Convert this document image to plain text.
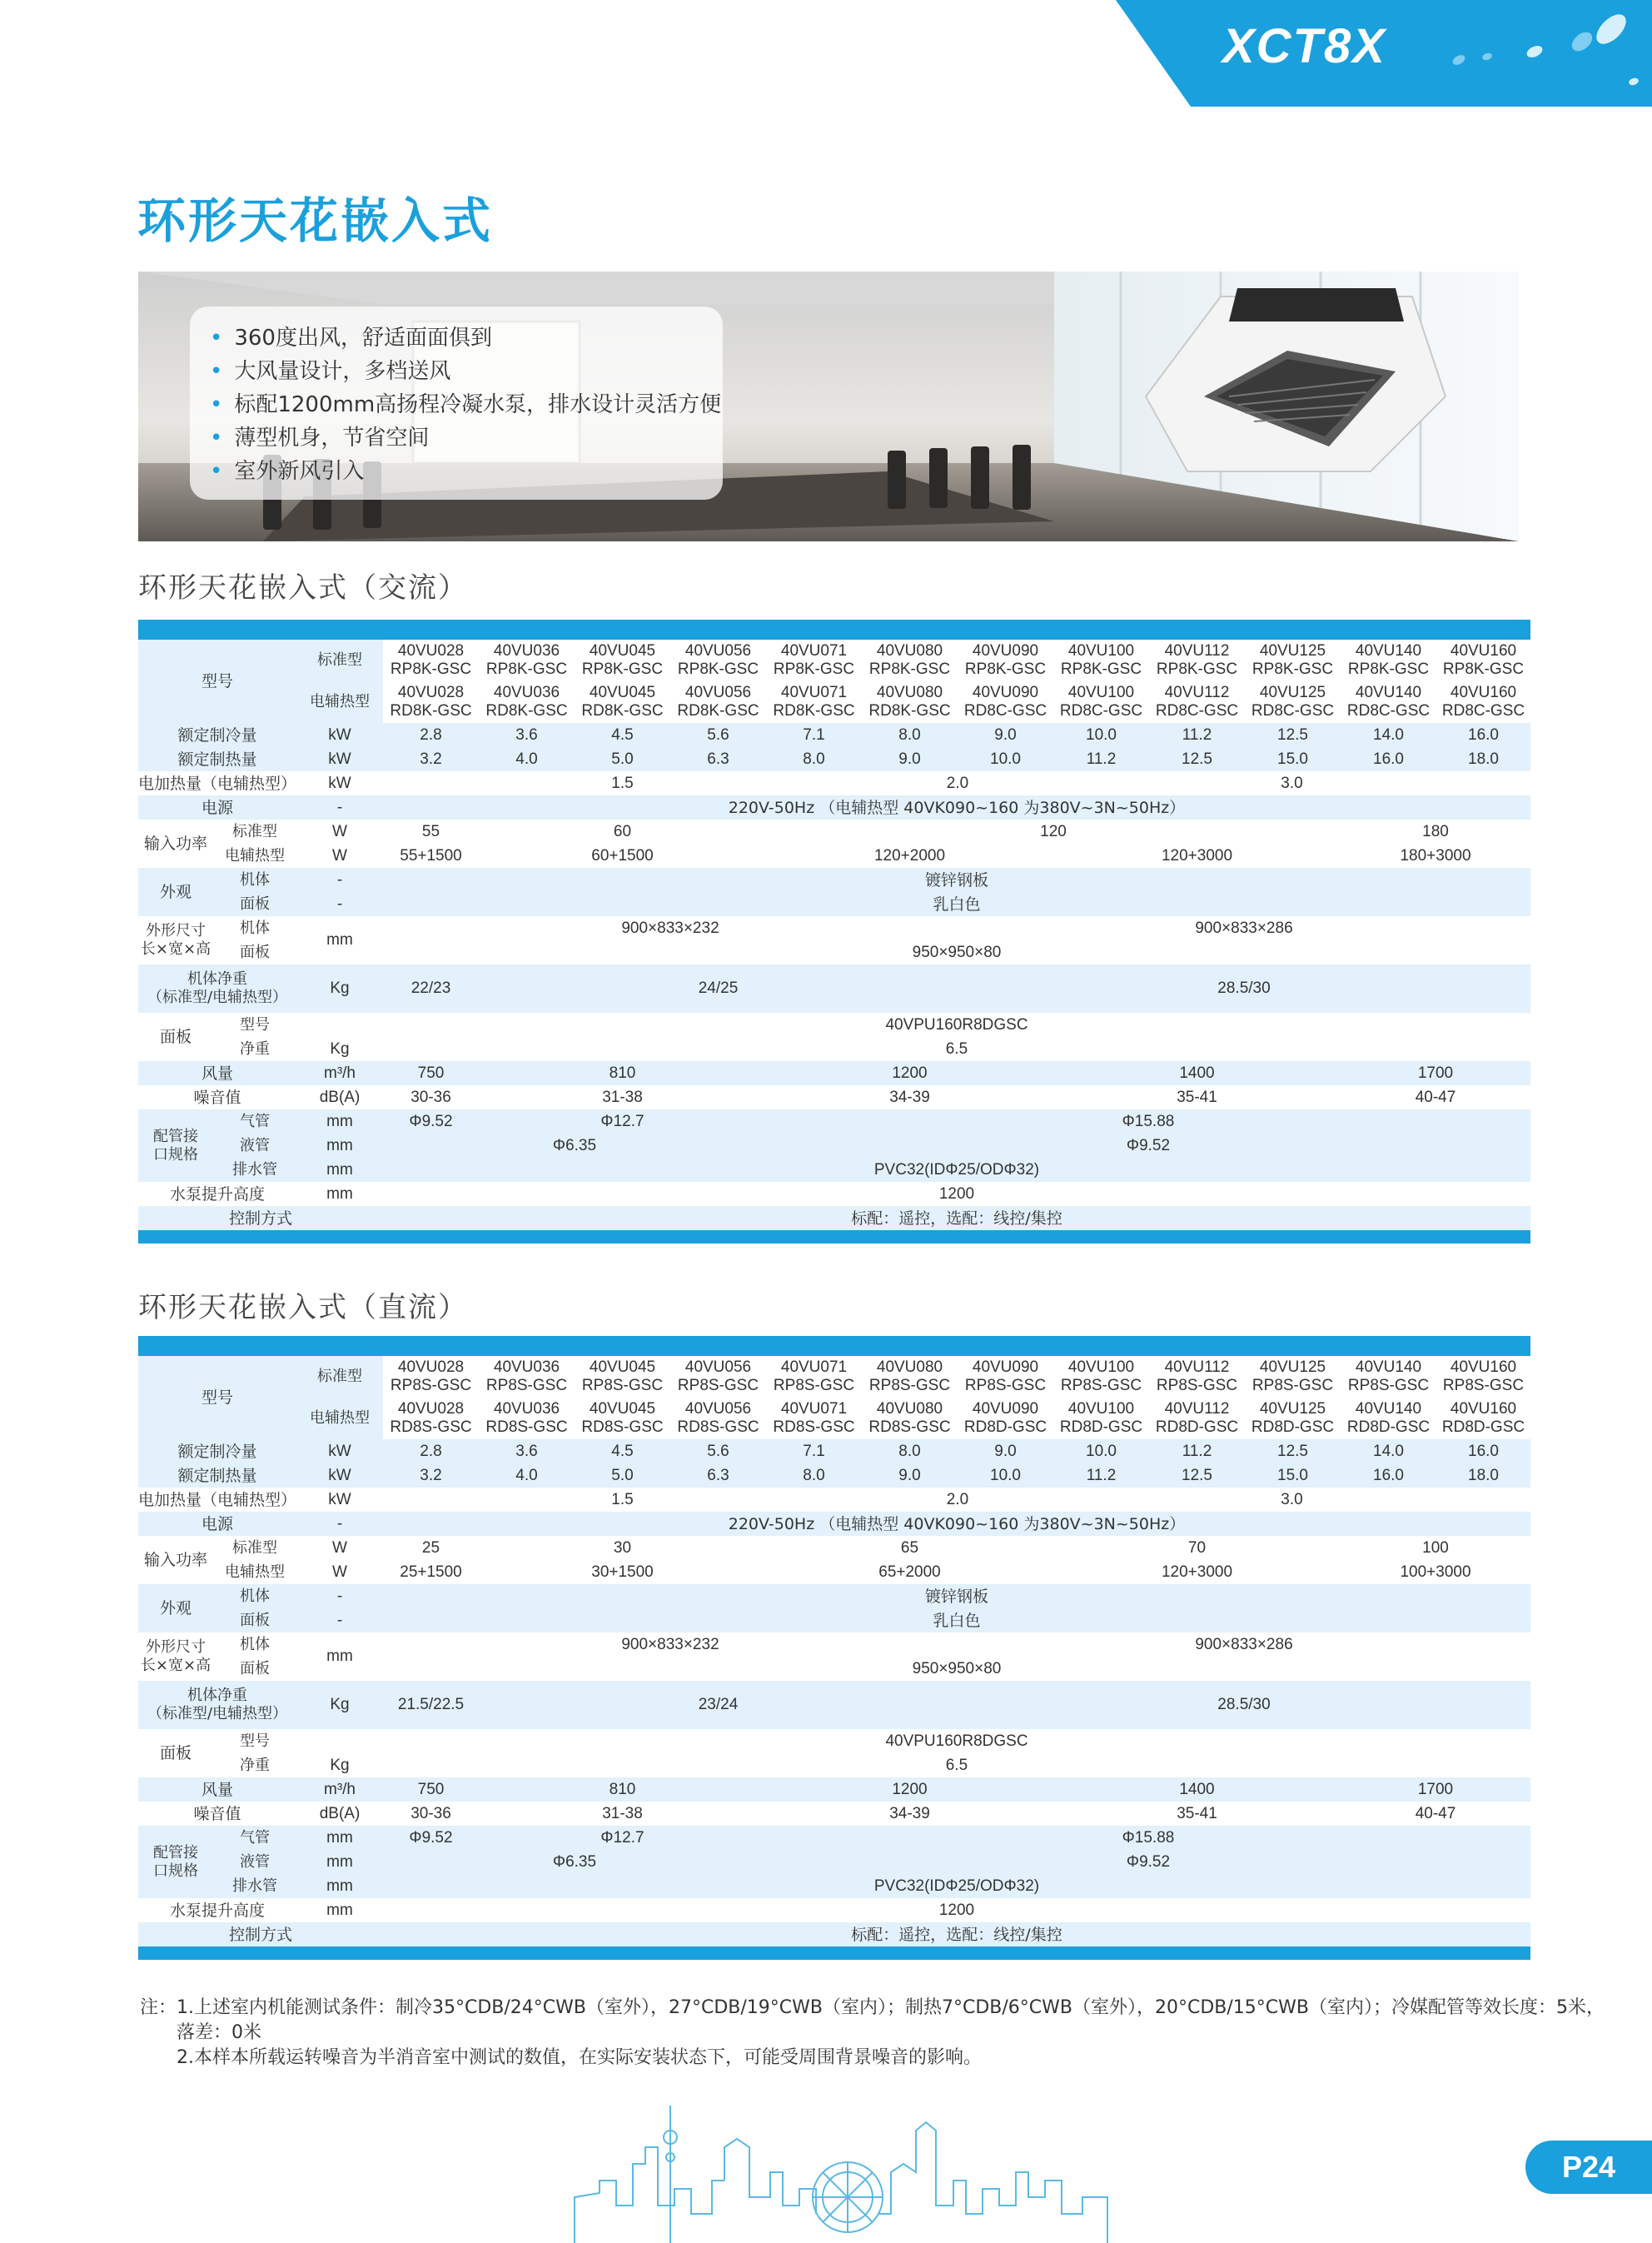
XCT8X
环形天花嵌入式
• 360度出风，舒适面面俱到
• 大风量设计，多档送风
• 标配1200mm高扬程冷凝水泵，排水设计灵活方便
• 薄型机身，节省空间
• 室外新风引入
环形天花嵌入式（交流）

型号		标准型	40VU028 RP8K-GSC	40VU036 RP8K-GSC	40VU045 RP8K-GSC	40VU056 RP8K-GSC	40VU071 RP8K-GSC	40VU080 RP8K-GSC	40VU090 RP8K-GSC	40VU100 RP8K-GSC	40VU112 RP8K-GSC	40VU125 RP8K-GSC	40VU140 RP8K-GSC	40VU160 RP8K-GSC
		电辅热型	40VU028 RD8K-GSC	40VU036 RD8K-GSC	40VU045 RD8K-GSC	40VU056 RD8K-GSC	40VU071 RD8K-GSC	40VU080 RD8K-GSC	40VU090 RD8C-GSC	40VU100 RD8C-GSC	40VU112 RD8C-GSC	40VU125 RD8C-GSC	40VU140 RD8C-GSC	40VU160 RD8C-GSC
额定制冷量		kW	2.8	3.6	4.5	5.6	7.1	8.0	9.0	10.0	11.2	12.5	14.0	16.0
额定制热量		kW	3.2	4.0	5.0	6.3	8.0	9.0	10.0	11.2	12.5	15.0	16.0	18.0
电加热量（电辅热型）		kW	1.5					2.0		3.0				
电源		-	220V-50Hz （电辅热型 40VK090~160 为380V~3N~50Hz）											
输入功率	标准型	W	55	60			120						180	
	电辅热型	W	55+1500	60+1500			120+2000			120+3000			180+3000	
外观	机体	-	镀锌钢板											
	面板	-	乳白色											
外形尺寸
长×宽×高	机体	mm	900×833×232						900×833×286					
	面板		950×950×80											
机体净重
（标准型/电辅热型）		Kg	22/23	24/25					28.5/30					
面板	型号		40VPU160R8DGSC											
	净重	Kg	6.5											
风量		m³/h	750	810			1200			1400			1700	
噪音值		dB(A)	30-36	31-38			34-39			35-41			40-47	
配管接
口规格	气管	mm	Φ9.52	Φ12.7			Φ15.88							
	液管	mm	Φ6.35				Φ9.52							
	排水管	mm	PVC32(IDΦ25/ODΦ32)											
水泵提升高度		mm	1200											
控制方式			标配：遥控，选配：线控/集控											

环形天花嵌入式（直流）

型号		标准型	40VU028 RP8S-GSC	40VU036 RP8S-GSC	40VU045 RP8S-GSC	40VU056 RP8S-GSC	40VU071 RP8S-GSC	40VU080 RP8S-GSC	40VU090 RP8S-GSC	40VU100 RP8S-GSC	40VU112 RP8S-GSC	40VU125 RP8S-GSC	40VU140 RP8S-GSC	40VU160 RP8S-GSC
		电辅热型	40VU028 RD8S-GSC	40VU036 RD8S-GSC	40VU045 RD8S-GSC	40VU056 RD8S-GSC	40VU071 RD8S-GSC	40VU080 RD8S-GSC	40VU090 RD8D-GSC	40VU100 RD8D-GSC	40VU112 RD8D-GSC	40VU125 RD8D-GSC	40VU140 RD8D-GSC	40VU160 RD8D-GSC
额定制冷量		kW	2.8	3.6	4.5	5.6	7.1	8.0	9.0	10.0	11.2	12.5	14.0	16.0
额定制热量		kW	3.2	4.0	5.0	6.3	8.0	9.0	10.0	11.2	12.5	15.0	16.0	18.0
电加热量（电辅热型）		kW	1.5					2.0		3.0				
电源		-	220V-50Hz （电辅热型 40VK090~160 为380V~3N~50Hz）											
输入功率	标准型	W	25	30			65			70			100	
	电辅热型	W	25+1500	30+1500			65+2000			120+3000			100+3000	
外观	机体	-	镀锌钢板											
	面板	-	乳白色											
外形尺寸
长×宽×高	机体	mm	900×833×232						900×833×286					
	面板		950×950×80											
机体净重
（标准型/电辅热型）		Kg	21.5/22.5	23/24					28.5/30					
面板	型号		40VPU160R8DGSC											
	净重	Kg	6.5											
风量		m³/h	750	810			1200			1400			1700	
噪音值		dB(A)	30-36	31-38			34-39			35-41			40-47	
配管接
口规格	气管	mm	Φ9.52	Φ12.7			Φ15.88							
	液管	mm	Φ6.35				Φ9.52							
	排水管	mm	PVC32(IDΦ25/ODΦ32)											
水泵提升高度		mm	1200											
控制方式			标配：遥控，选配：线控/集控											

注：1.上述室内机能测试条件：制冷35°CDB/24°CWB（室外），27°CDB/19°CWB（室内）；制热7°CDB/6°CWB（室外），20°CDB/15°CWB（室内）；冷媒配管等效长度：5米，
落差：0米
2.本样本所载运转噪音为半消音室中测试的数值，在实际安装状态下，可能受周围背景噪音的影响。
P24
